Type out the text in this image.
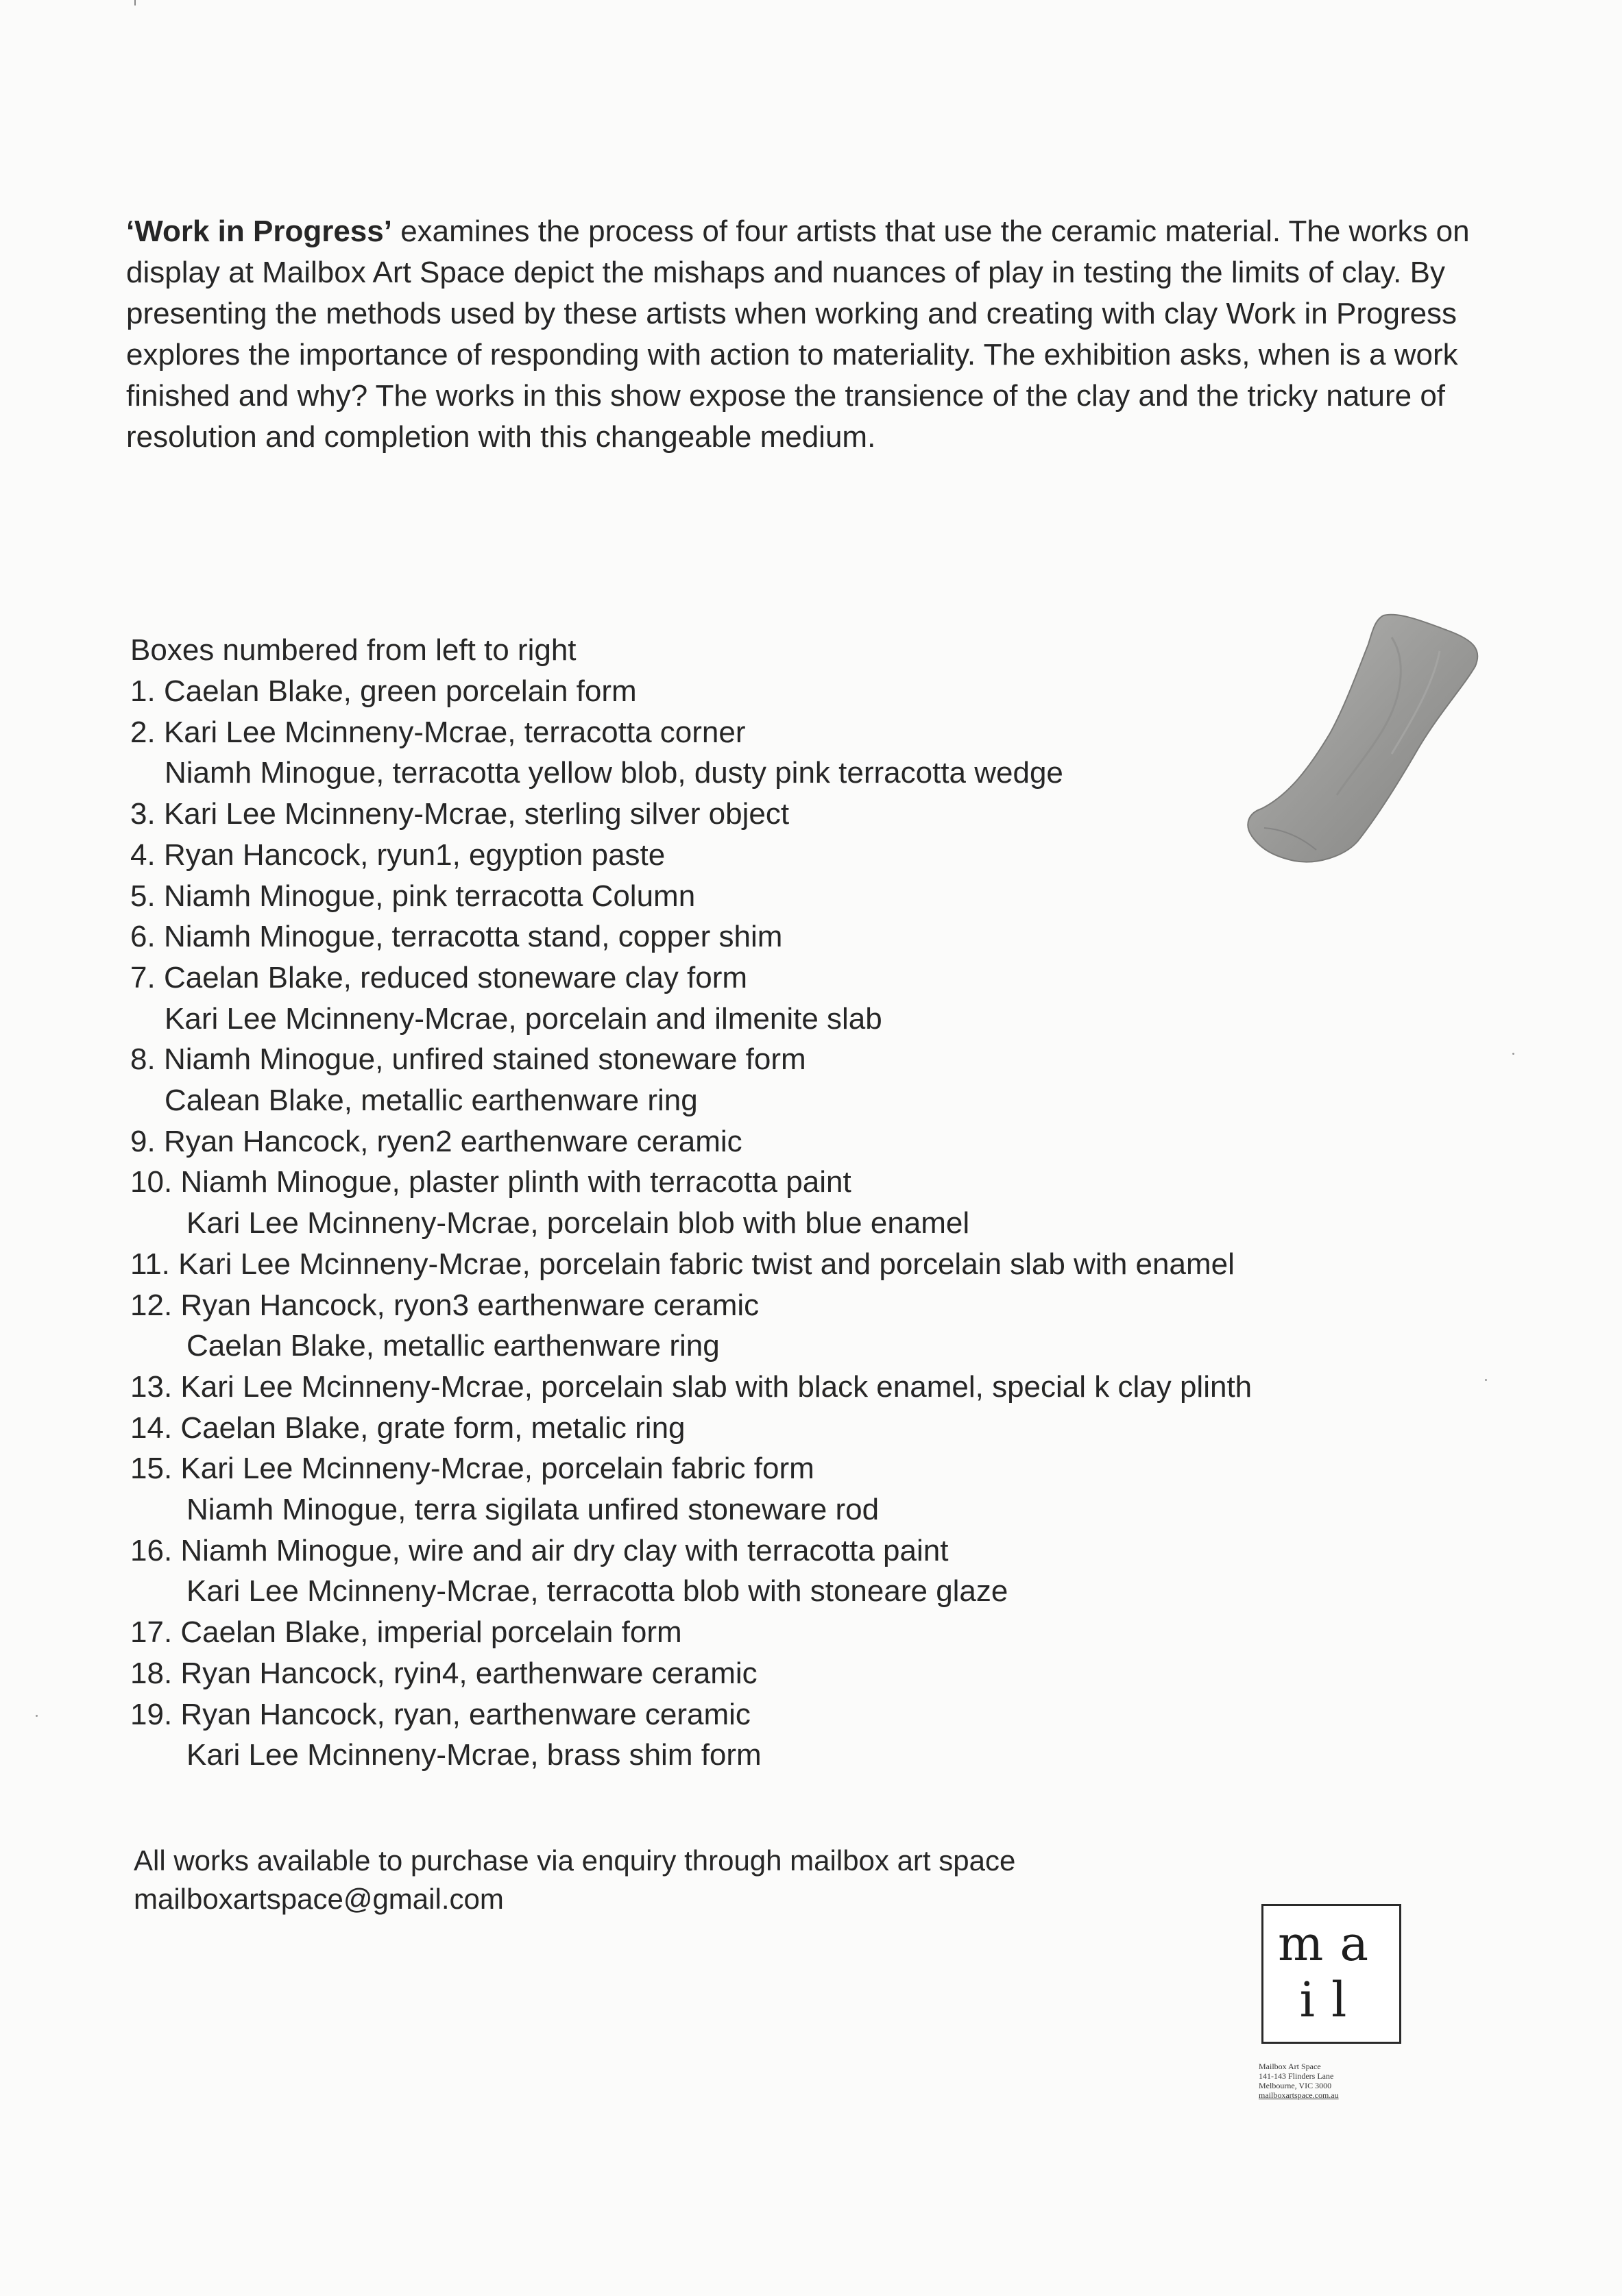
‘Work in Progress’ examines the process of four artists that use the ceramic material. The works on display at Mailbox Art Space depict the mishaps and nuances of play in testing the limits of clay. By presenting the methods used by these artists when working and creating with clay Work in Progress explores the importance of responding with action to materiality. The exhibition asks, when is a work finished and why? The works in this show expose the transience of the clay and the tricky nature of resolution and completion with this changeable medium.

Boxes numbered from left to right
1. Caelan Blake, green porcelain form
2. Kari Lee Mcinneny-Mcrae, terracotta corner
Niamh Minogue, terracotta yellow blob, dusty pink terracotta wedge
3. Kari Lee Mcinneny-Mcrae, sterling silver object
4. Ryan Hancock, ryun1, egyption paste
5. Niamh Minogue, pink terracotta Column
6. Niamh Minogue, terracotta stand, copper shim
7. Caelan Blake, reduced stoneware clay form
Kari Lee Mcinneny-Mcrae, porcelain and ilmenite slab
8. Niamh Minogue, unfired stained stoneware form
Calean Blake, metallic earthenware ring
9. Ryan Hancock, ryen2 earthenware ceramic
10. Niamh Minogue, plaster plinth with terracotta paint
Kari Lee Mcinneny-Mcrae, porcelain blob with blue enamel
11. Kari Lee Mcinneny-Mcrae, porcelain fabric twist and porcelain slab with enamel
12. Ryan Hancock, ryon3 earthenware ceramic
Caelan Blake, metallic earthenware ring
13. Kari Lee Mcinneny-Mcrae, porcelain slab with black enamel, special k clay plinth
14. Caelan Blake, grate form, metalic ring
15. Kari Lee Mcinneny-Mcrae, porcelain fabric form
Niamh Minogue, terra sigilata unfired stoneware rod
16. Niamh Minogue, wire and air dry clay with terracotta paint
Kari Lee Mcinneny-Mcrae, terracotta blob with stoneare glaze
17. Caelan Blake, imperial porcelain form
18. Ryan Hancock, ryin4, earthenware ceramic
19. Ryan Hancock, ryan, earthenware ceramic
Kari Lee Mcinneny-Mcrae, brass shim form
All works available to purchase via enquiry through mailbox art space
mailboxartspace@gmail.com
ma
il
Mailbox Art Space
141-143 Flinders Lane
Melbourne, VIC 3000
mailboxartspace.com.au
